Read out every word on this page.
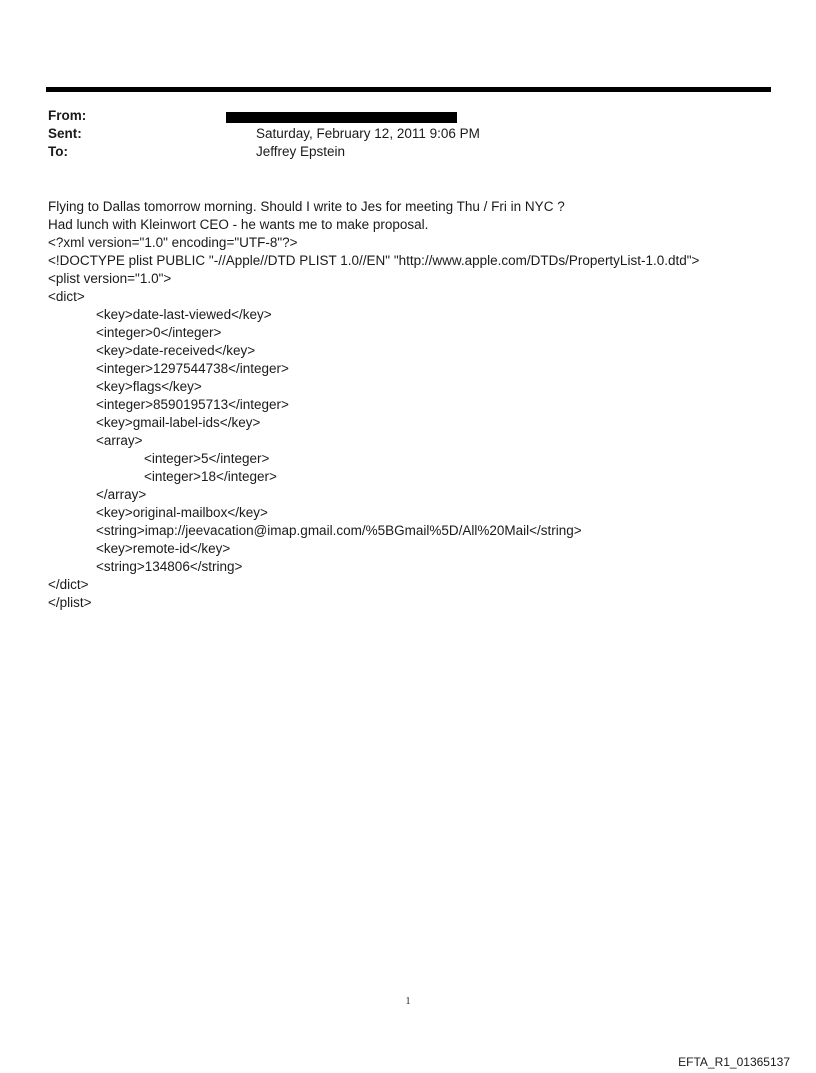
From:
Sent:	Saturday, February 12, 2011 9:06 PM
To:	Jeffrey Epstein
Flying to Dallas tomorrow morning. Should I write to Jes for meeting Thu / Fri in NYC ?
Had lunch with Kleinwort CEO - he wants me to make proposal.
<?xml version="1.0" encoding="UTF-8"?>
<!DOCTYPE plist PUBLIC "-//Apple//DTD PLIST 1.0//EN" "http://www.apple.com/DTDs/PropertyList-1.0.dtd">
<plist version="1.0">
<dict>
<key>date-last-viewed</key>
<integer>0</integer>
<key>date-received</key>
<integer>1297544738</integer>
<key>flags</key>
<integer>8590195713</integer>
<key>gmail-label-ids</key>
<array>
<integer>5</integer>
<integer>18</integer>
</array>
<key>original-mailbox</key>
<string>imap://jeevacation@imap.gmail.com/%5BGmail%5D/All%20Mail</string>
<key>remote-id</key>
<string>134806</string>
</dict>
</plist>
1
EFTA_R1_01365137
